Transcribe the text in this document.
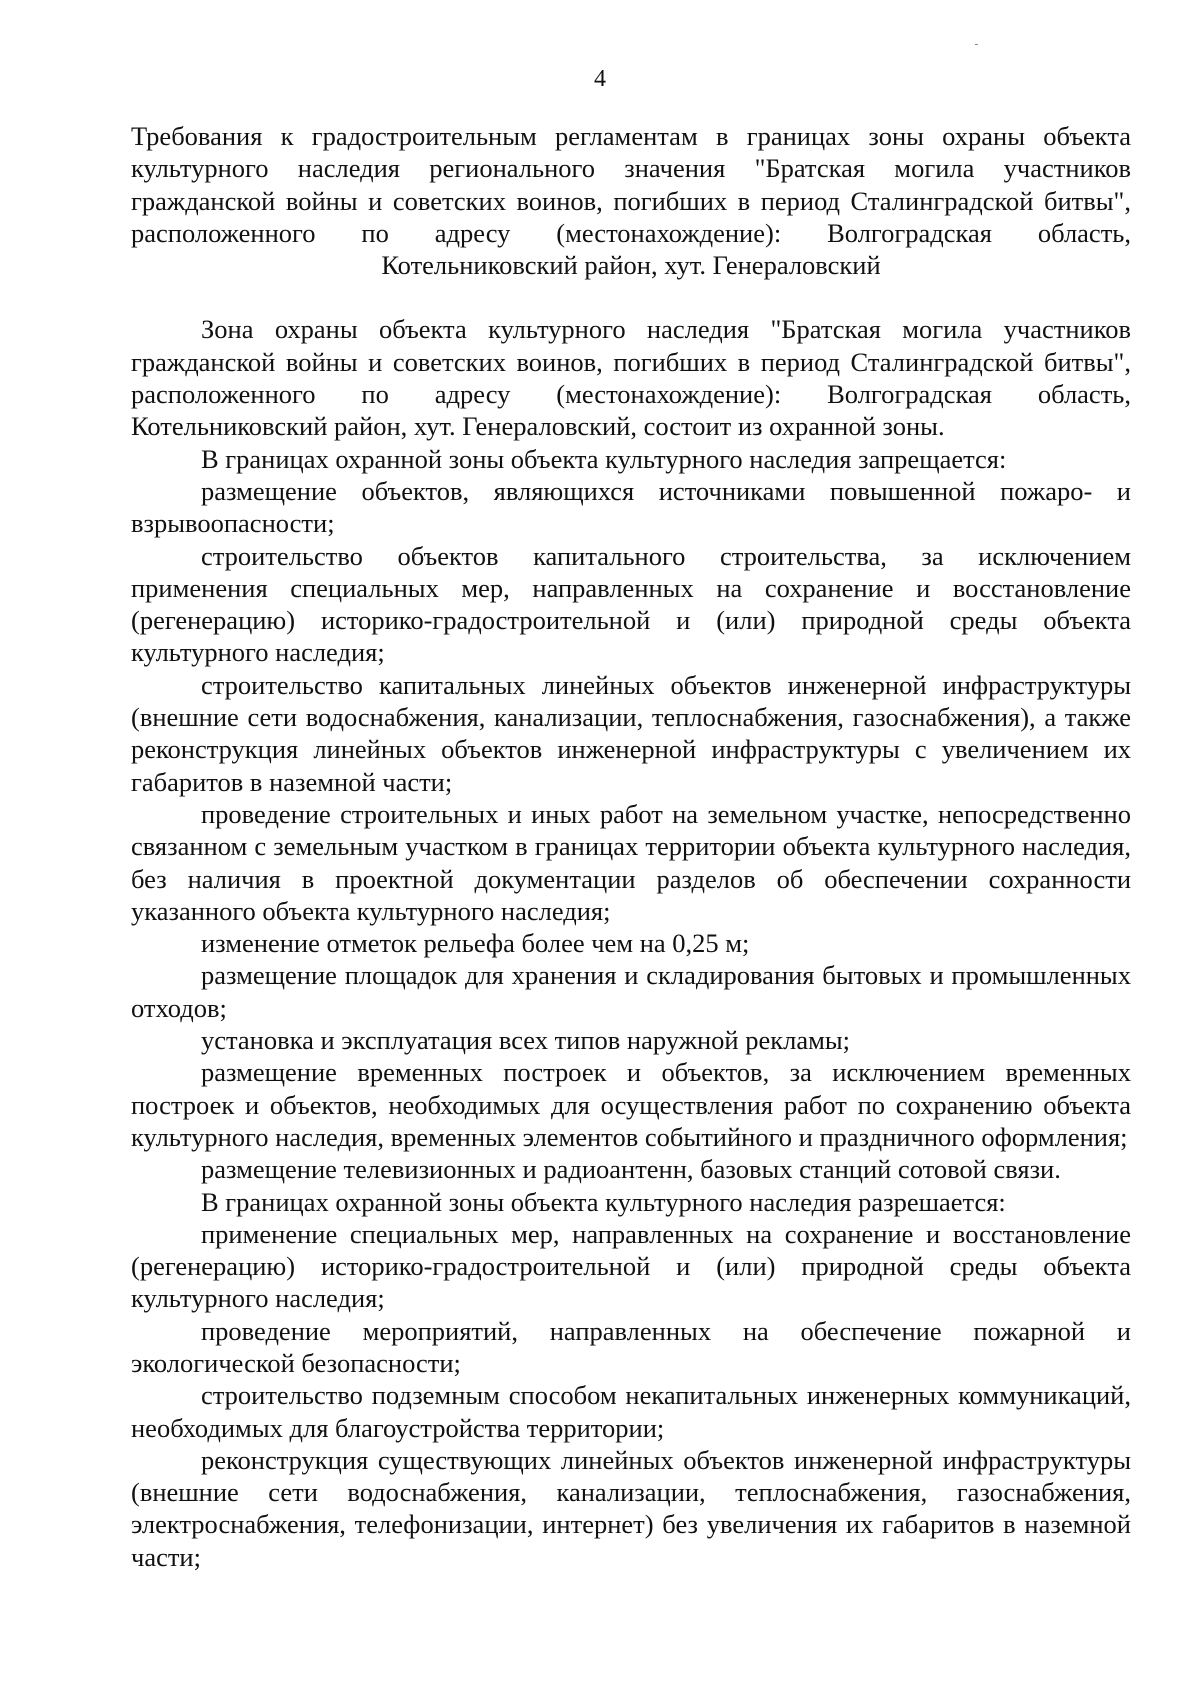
4
Требования к градостроительным регламентам в границах зоны охраны объекта культурного наследия регионального значения "Братская могила участников гражданской войны и советских воинов, погибших в период Сталинградской битвы", расположенного по адресу (местонахождение): Волгоградская область, Котельниковский район, хут. Генераловский

Зона охраны объекта культурного наследия "Братская могила участников гражданской войны и советских воинов, погибших в период Сталинградской битвы", расположенного по адресу (местонахождение): Волгоградская область, Котельниковский район, хут. Генераловский, состоит из охранной зоны.

В границах охранной зоны объекта культурного наследия запрещается:

размещение объектов, являющихся источниками повышенной пожаро- и взрывоопасности;

строительство объектов капитального строительства, за исключением применения специальных мер, направленных на сохранение и восстановление (регенерацию) историко-градостроительной и (или) природной среды объекта культурного наследия;

строительство капитальных линейных объектов инженерной инфраструктуры (внешние сети водоснабжения, канализации, теплоснабжения, газоснабжения), а также реконструкция линейных объектов инженерной инфраструктуры с увеличением их габаритов в наземной части;

проведение строительных и иных работ на земельном участке, непосредственно связанном с земельным участком в границах территории объекта культурного наследия, без наличия в проектной документации разделов об обеспечении сохранности указанного объекта культурного наследия;

изменение отметок рельефа более чем на 0,25 м;

размещение площадок для хранения и складирования бытовых и промышленных отходов;

установка и эксплуатация всех типов наружной рекламы;

размещение временных построек и объектов, за исключением временных построек и объектов, необходимых для осуществления работ по сохранению объекта культурного наследия, временных элементов событийного и праздничного оформления;

размещение телевизионных и радиоантенн, базовых станций сотовой связи.

В границах охранной зоны объекта культурного наследия разрешается:

применение специальных мер, направленных на сохранение и восстановление (регенерацию) историко-градостроительной и (или) природной среды объекта культурного наследия;

проведение мероприятий, направленных на обеспечение пожарной и экологической безопасности;

строительство подземным способом некапитальных инженерных коммуникаций, необходимых для благоустройства территории;

реконструкция существующих линейных объектов инженерной инфраструктуры (внешние сети водоснабжения, канализации, теплоснабжения, газоснабжения, электроснабжения, телефонизации, интернет) без увеличения их габаритов в наземной части;
